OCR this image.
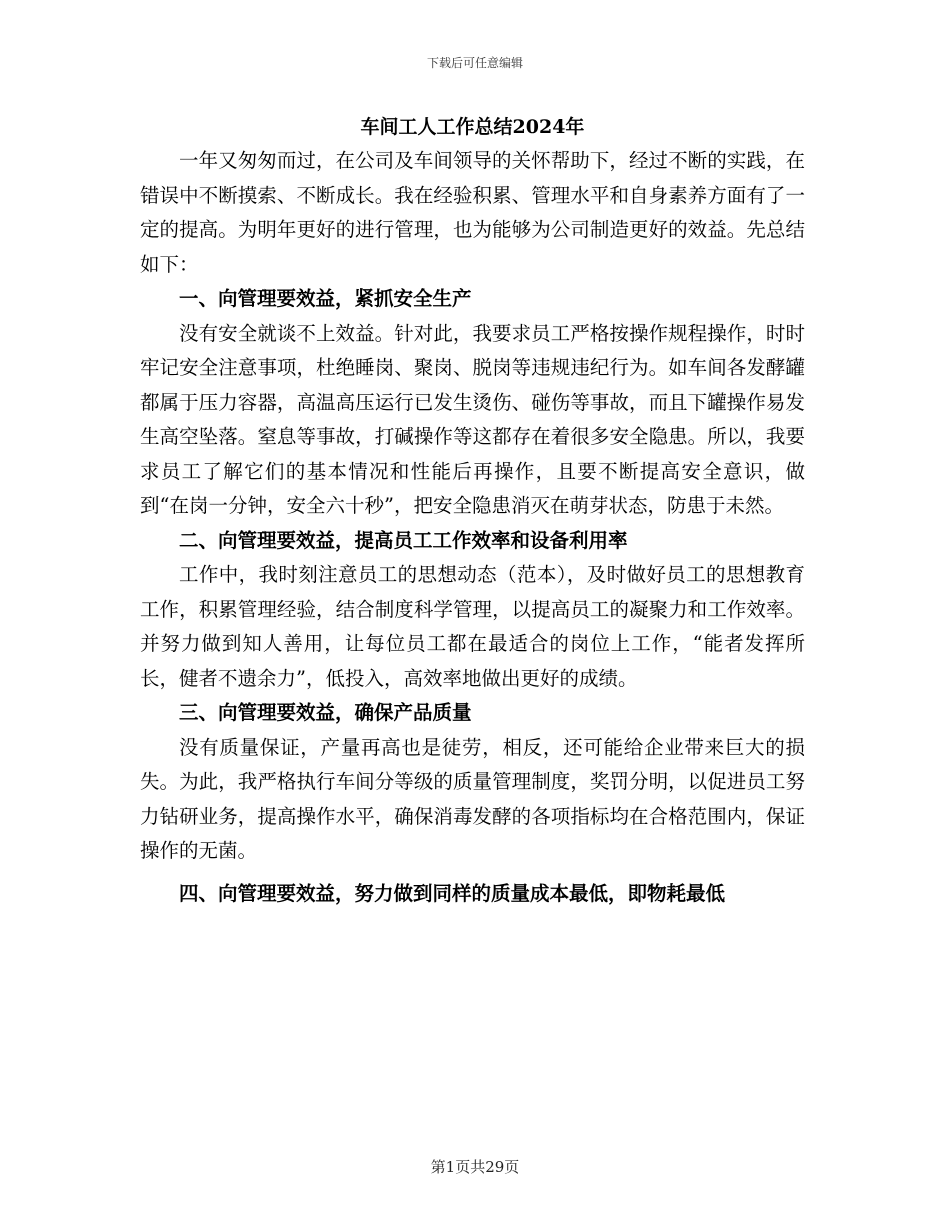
下载后可任意编辑
车间工人工作总结2024年

一年又匆匆而过，在公司及车间领导的关怀帮助下，经过不断的实践，在错误中不断摸索、不断成长。我在经验积累、管理水平和自身素养方面有了一定的提高。为明年更好的进行管理，也为能够为公司制造更好的效益。先总结如下：

一、向管理要效益，紧抓安全生产

没有安全就谈不上效益。针对此，我要求员工严格按操作规程操作，时时牢记安全注意事项，杜绝睡岗、聚岗、脱岗等违规违纪行为。如车间各发酵罐都属于压力容器，高温高压运行已发生烫伤、碰伤等事故，而且下罐操作易发生高空坠落。窒息等事故，打碱操作等这都存在着很多安全隐患。所以，我要求员工了解它们的基本情况和性能后再操作，且要不断提高安全意识，做到“在岗一分钟，安全六十秒”，把安全隐患消灭在萌芽状态，防患于未然。

二、向管理要效益，提高员工工作效率和设备利用率

工作中，我时刻注意员工的思想动态（范本），及时做好员工的思想教育工作，积累管理经验，结合制度科学管理，以提高员工的凝聚力和工作效率。并努力做到知人善用，让每位员工都在最适合的岗位上工作，“能者发挥所长，健者不遗余力”，低投入，高效率地做出更好的成绩。

三、向管理要效益，确保产品质量

没有质量保证，产量再高也是徒劳，相反，还可能给企业带来巨大的损失。为此，我严格执行车间分等级的质量管理制度，奖罚分明，以促进员工努力钻研业务，提高操作水平，确保消毒发酵的各项指标均在合格范围内，保证操作的无菌。

四、向管理要效益，努力做到同样的质量成本最低，即物耗最低

第1页共29页
